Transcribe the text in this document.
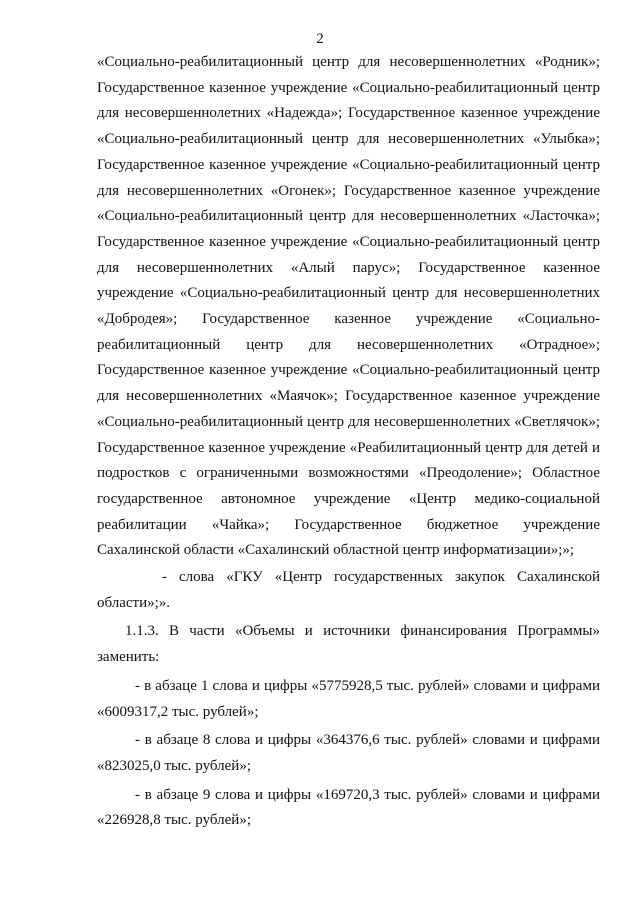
2

«Социально-реабилитационный центр для несовершеннолетних «Родник»; Государственное казенное учреждение «Социально-реабилитационный центр для несовершеннолетних «Надежда»; Государственное казенное учреждение «Социально-реабилитационный центр для несовершеннолетних «Улыбка»; Государственное казенное учреждение «Социально-реабилитационный центр для несовершеннолетних «Огонек»; Государственное казенное учреждение «Социально-реабилитационный центр для несовершеннолетних «Ласточка»; Государственное казенное учреждение «Социально-реабилитационный центр для несовершеннолетних «Алый парус»; Государственное казенное учреждение «Социально-реабилитационный центр для несовершеннолетних «Добродея»; Государственное казенное учреждение «Социально-реабилитационный центр для несовершеннолетних «Отрадное»; Государственное казенное учреждение «Социально-реабилитационный центр для несовершеннолетних «Маячок»; Государственное казенное учреждение «Социально-реабилитационный центр для несовершеннолетних «Светлячок»; Государственное казенное учреждение «Реабилитационный центр для детей и подростков с ограниченными возможностями «Преодоление»; Областное государственное автономное учреждение «Центр медико-социальной реабилитации «Чайка»; Государственное бюджетное учреждение Сахалинской области «Сахалинский областной центр информатизации»;»;

- слова «ГКУ «Центр государственных закупок Сахалинской области»;».

1.1.3. В части «Объемы и источники финансирования Программы» заменить:

- в абзаце 1 слова и цифры «5775928,5 тыс. рублей» словами и цифрами «6009317,2 тыс. рублей»;

- в абзаце 8 слова и цифры «364376,6 тыс. рублей» словами и цифрами «823025,0 тыс. рублей»;

- в абзаце 9 слова и цифры «169720,3 тыс. рублей» словами и цифрами «226928,8 тыс. рублей»;
